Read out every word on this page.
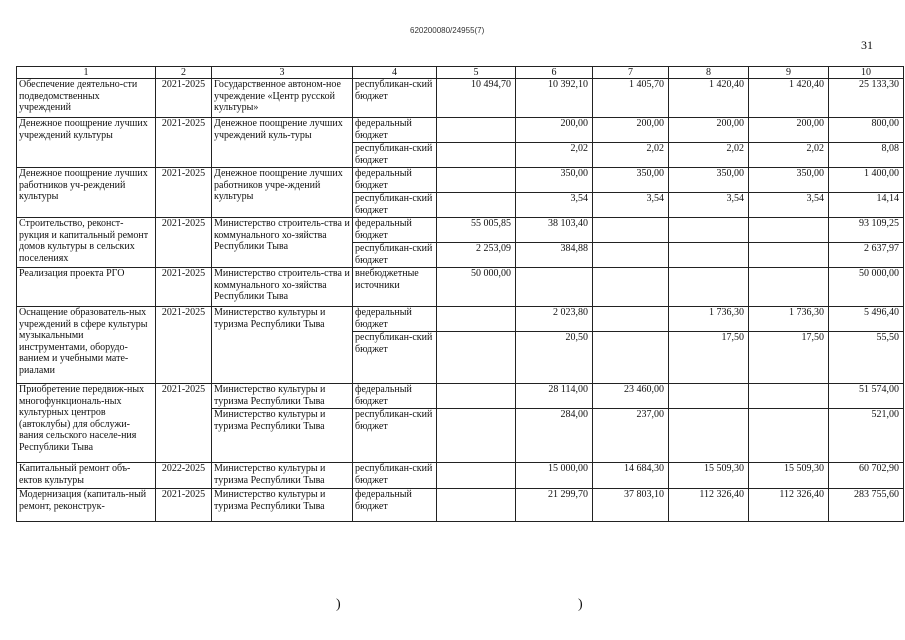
620200080/24955(7)
31
1	2	3	4	5	6	7	8	9	10
Обеспечение деятельно-сти подведомственных учреждений	2021-2025	Государственное автоном-ное учреждение «Центр русской культуры»	республикан-ский бюджет	10 494,70	10 392,10	1 405,70	1 420,40	1 420,40	25 133,30
Денежное поощрение лучших учреждений культуры	2021-2025	Денежное поощрение лучших учреждений куль-туры	федеральный бюджет		200,00	200,00	200,00	200,00	800,00
			республикан-ский бюджет		2,02	2,02	2,02	2,02	8,08
Денежное поощрение лучших работников уч-реждений культуры	2021-2025	Денежное поощрение лучших работников учре-ждений культуры	федеральный бюджет		350,00	350,00	350,00	350,00	1 400,00
			республикан-ский бюджет		3,54	3,54	3,54	3,54	14,14
Строительство, реконст-рукция и капитальный ремонт домов культуры в сельских поселениях	2021-2025	Министерство строитель-ства и коммунального хо-зяйства Республики Тыва	федеральный бюджет	55 005,85	38 103,40				93 109,25
			республикан-ский бюджет	2 253,09	384,88				2 637,97
Реализация проекта РГО	2021-2025	Министерство строитель-ства и коммунального хо-зяйства Республики Тыва	внебюджетные источники	50 000,00					50 000,00
Оснащение образователь-ных учреждений в сфере культуры музыкальными инструментами, оборудо-ванием и учебными мате-риалами	2021-2025	Министерство культуры и туризма Республики Тыва	федеральный бюджет		2 023,80		1 736,30	1 736,30	5 496,40
			республикан-ский бюджет		20,50		17,50	17,50	55,50
Приобретение передвиж-ных многофункциональ-ных культурных центров (автоклубы) для обслужи-вания сельского населе-ния Республики Тыва	2021-2025	Министерство культуры и туризма Республики Тыва	федеральный бюджет		28 114,00	23 460,00			51 574,00
		Министерство культуры и туризма Республики Тыва	республикан-ский бюджет		284,00	237,00			521,00
Капитальный ремонт объ-ектов культуры	2022-2025	Министерство культуры и туризма Республики Тыва	республикан-ский бюджет		15 000,00	14 684,30	15 509,30	15 509,30	60 702,90
Модернизация (капиталь-ный ремонт, реконструк-	2021-2025	Министерство культуры и туризма Республики Тыва	федеральный бюджет		21 299,70	37 803,10	112 326,40	112 326,40	283 755,60
)	)
